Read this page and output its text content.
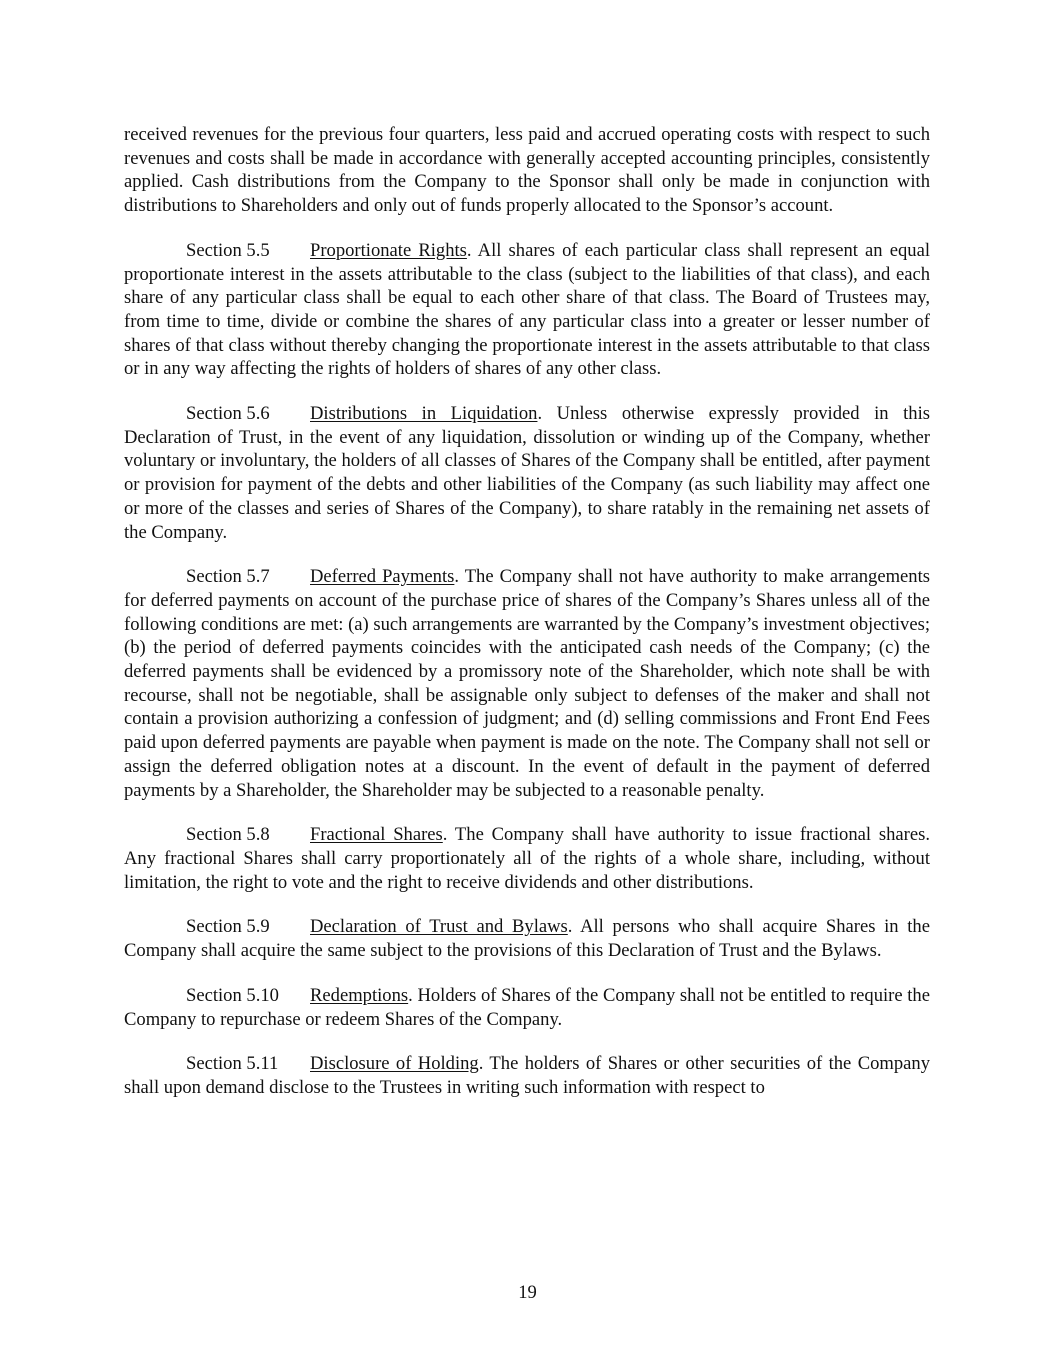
received revenues for the previous four quarters, less paid and accrued operating costs with respect to such revenues and costs shall be made in accordance with generally accepted accounting principles, consistently applied. Cash distributions from the Company to the Sponsor shall only be made in conjunction with distributions to Shareholders and only out of funds properly allocated to the Sponsor’s account.

Section 5.5 Proportionate Rights. All shares of each particular class shall represent an equal proportionate interest in the assets attributable to the class (subject to the liabilities of that class), and each share of any particular class shall be equal to each other share of that class. The Board of Trustees may, from time to time, divide or combine the shares of any particular class into a greater or lesser number of shares of that class without thereby changing the proportionate interest in the assets attributable to that class or in any way affecting the rights of holders of shares of any other class.

Section 5.6 Distributions in Liquidation. Unless otherwise expressly provided in this Declaration of Trust, in the event of any liquidation, dissolution or winding up of the Company, whether voluntary or involuntary, the holders of all classes of Shares of the Company shall be entitled, after payment or provision for payment of the debts and other liabilities of the Company (as such liability may affect one or more of the classes and series of Shares of the Company), to share ratably in the remaining net assets of the Company.

Section 5.7 Deferred Payments. The Company shall not have authority to make arrangements for deferred payments on account of the purchase price of shares of the Company’s Shares unless all of the following conditions are met: (a) such arrangements are warranted by the Company’s investment objectives; (b) the period of deferred payments coincides with the anticipated cash needs of the Company; (c) the deferred payments shall be evidenced by a promissory note of the Shareholder, which note shall be with recourse, shall not be negotiable, shall be assignable only subject to defenses of the maker and shall not contain a provision authorizing a confession of judgment; and (d) selling commissions and Front End Fees paid upon deferred payments are payable when payment is made on the note. The Company shall not sell or assign the deferred obligation notes at a discount. In the event of default in the payment of deferred payments by a Shareholder, the Shareholder may be subjected to a reasonable penalty.

Section 5.8 Fractional Shares. The Company shall have authority to issue fractional shares. Any fractional Shares shall carry proportionately all of the rights of a whole share, including, without limitation, the right to vote and the right to receive dividends and other distributions.

Section 5.9 Declaration of Trust and Bylaws. All persons who shall acquire Shares in the Company shall acquire the same subject to the provisions of this Declaration of Trust and the Bylaws.

Section 5.10 Redemptions. Holders of Shares of the Company shall not be entitled to require the Company to repurchase or redeem Shares of the Company.

Section 5.11 Disclosure of Holding. The holders of Shares or other securities of the Company shall upon demand disclose to the Trustees in writing such information with respect to

19
